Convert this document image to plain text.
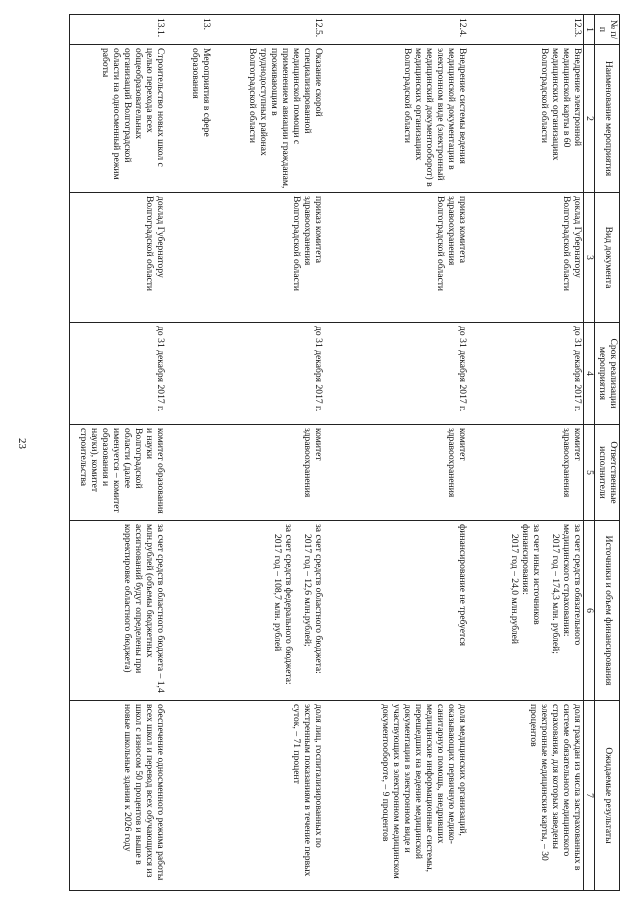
23
№ п/п	Наименование мероприятия	Вид документа	Срок реализации мероприятия	Ответственные исполнители	Источники и объем финансирования	Ожидаемые результаты
1	2	3	4	5	6	7
12.3.	Внедрение электронной медицинской карты в 60 медицинских организациях Волгоградской области	доклад Губернатору Волгоградской области	до 31 декабря 2017 г.	комитет здравоохранения	за счет средств обязательного медицинского страхования:
2017 год – 174,3 млн. рублей;
за счет иных источников финансирования:
2017 год – 24,0 млн.рублей	доля граждан из числа застрахованных в системе обязательного медицинского страхования, для которых заведены электронные медицинские карты, – 30 процентов
12.4.	Внедрение системы ведения медицинской документации в электронном виде (электронный медицинский документооборот) в медицинских организациях Волгоградской области	приказ комитета здравоохранения Волгоградской области	до 31 декабря 2017 г.	комитет здравоохранения	финансирование не требуется	доля медицинских организаций, оказывающих первичную медико-санитарную помощь, внедривших медицинские информационные системы, перешедших на ведение медицинской документации в электронном виде и участвующих в электронном медицинском документообороте, – 9 процентов
12.5.	Оказание скорой специализированной медицинской помощи с применением авиации гражданам, проживающим в труднодоступных районах Волгоградской области	приказ комитета здравоохранения Волгоградской области	до 31 декабря 2017 г.	комитет здравоохранения	за счет средств областного бюджета:
2017 год – 12,6 млн.рублей;
за счет средств федерального бюджета:
2017 год – 108,7 млн. рублей	доля лиц, госпитализированных по экстренным показаниям в течение первых суток, – 71 процент
13.	Мероприятия в сфере образования					
13.1.	Строительство новых школ с целью перехода всех общеобразовательных организаций Волгоградской области на односменный режим работы	доклад Губернатору Волгоградской области	до 31 декабря 2017 г.	комитет образования и науки Волгоградской области (далее именуется – комитет образования и науки), комитет строительства	за счет средств областного бюджета – 1,4 млн.рублей (объемы бюджетных ассигнований будут определены при корректировке областного бюджета)	обеспечение односменного режима работы всех школ и перевод всех обучающихся из школ с износом 50 процентов и выше в новые школьные здания к 2026 году
